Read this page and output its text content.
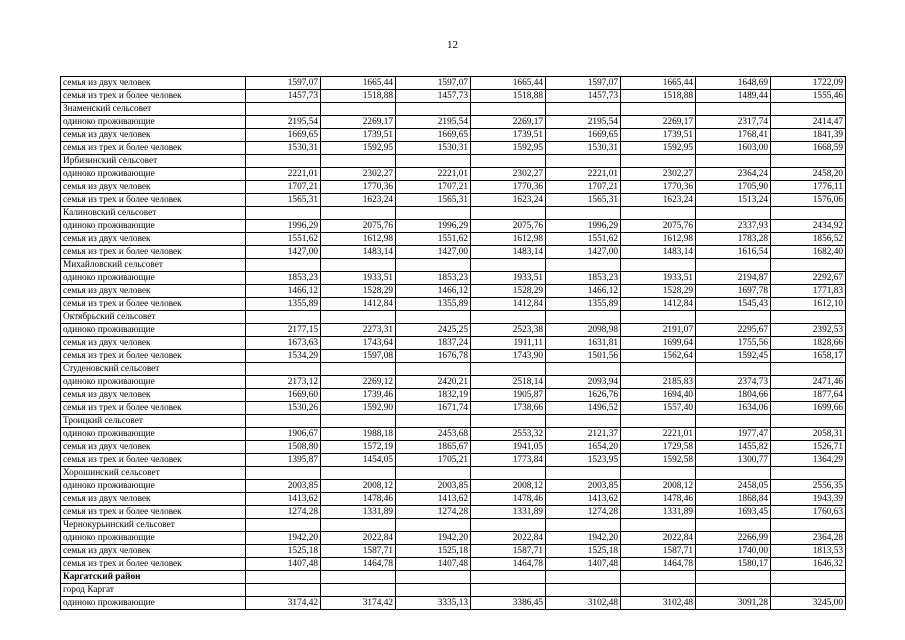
12
семья из двух человек	1597,07	1665,44	1597,07	1665,44	1597,07	1665,44	1648,69	1722,09
семья из трех и более человек	1457,73	1518,88	1457,73	1518,88	1457,73	1518,88	1489,44	1555,46
Знаменский сельсовет								
одиноко проживающие	2195,54	2269,17	2195,54	2269,17	2195,54	2269,17	2317,74	2414,47
семья из двух человек	1669,65	1739,51	1669,65	1739,51	1669,65	1739,51	1768,41	1841,39
семья из трех и более человек	1530,31	1592,95	1530,31	1592,95	1530,31	1592,95	1603,00	1668,59
Ирбизинский сельсовет								
одиноко проживающие	2221,01	2302,27	2221,01	2302,27	2221,01	2302,27	2364,24	2458,20
семья из двух человек	1707,21	1770,36	1707,21	1770,36	1707,21	1770,36	1705,90	1776,11
семья из трех и более человек	1565,31	1623,24	1565,31	1623,24	1565,31	1623,24	1513,24	1576,06
Калиновский сельсовет								
одиноко проживающие	1996,29	2075,76	1996,29	2075,76	1996,29	2075,76	2337,93	2434,92
семья из двух человек	1551,62	1612,98	1551,62	1612,98	1551,62	1612,98	1783,28	1856,52
семья из трех и более человек	1427,00	1483,14	1427,00	1483,14	1427,00	1483,14	1616,54	1682,40
Михайловский сельсовет								
одиноко проживающие	1853,23	1933,51	1853,23	1933,51	1853,23	1933,51	2194,87	2292,67
семья из двух человек	1466,12	1528,29	1466,12	1528,29	1466,12	1528,29	1697,78	1771,83
семья из трех и более человек	1355,89	1412,84	1355,89	1412,84	1355,89	1412,84	1545,43	1612,10
Октябрьский сельсовет								
одиноко проживающие	2177,15	2273,31	2425,25	2523,38	2098,98	2191,07	2295,67	2392,53
семья из двух человек	1673,63	1743,64	1837,24	1911,11	1631,81	1699,64	1755,56	1828,66
семья из трех и более человек	1534,29	1597,08	1676,78	1743,90	1501,56	1562,64	1592,45	1658,17
Студеновский сельсовет								
одиноко проживающие	2173,12	2269,12	2420,21	2518,14	2093,94	2185,83	2374,73	2471,46
семья из двух человек	1669,60	1739,46	1832,19	1905,87	1626,76	1694,40	1804,66	1877,64
семья из трех и более человек	1530,26	1592,90	1671,74	1738,66	1496,52	1557,40	1634,06	1699,66
Троицкий сельсовет								
одиноко проживающие	1906,67	1988,18	2453,68	2553,32	2121,37	2221,01	1977,47	2058,31
семья из двух человек	1508,80	1572,19	1865,67	1941,05	1654,20	1729,58	1455,82	1526,71
семья из трех и более человек	1395,87	1454,05	1705,21	1773,84	1523,95	1592,58	1300,77	1364,29
Хорошинский сельсовет								
одиноко проживающие	2003,85	2008,12	2003,85	2008,12	2003,85	2008,12	2458,05	2556,35
семья из двух человек	1413,62	1478,46	1413,62	1478,46	1413,62	1478,46	1868,84	1943,39
семья из трех и более человек	1274,28	1331,89	1274,28	1331,89	1274,28	1331,89	1693,45	1760,63
Чернокурьинский сельсовет								
одиноко проживающие	1942,20	2022,84	1942,20	2022,84	1942,20	2022,84	2266,99	2364,28
семья из двух человек	1525,18	1587,71	1525,18	1587,71	1525,18	1587,71	1740,00	1813,53
семья из трех и более человек	1407,48	1464,78	1407,48	1464,78	1407,48	1464,78	1580,17	1646,32
Каргатский район								
город Каргат								
одиноко проживающие	3174,42	3174,42	3335,13	3386,45	3102,48	3102,48	3091,28	3245,00
